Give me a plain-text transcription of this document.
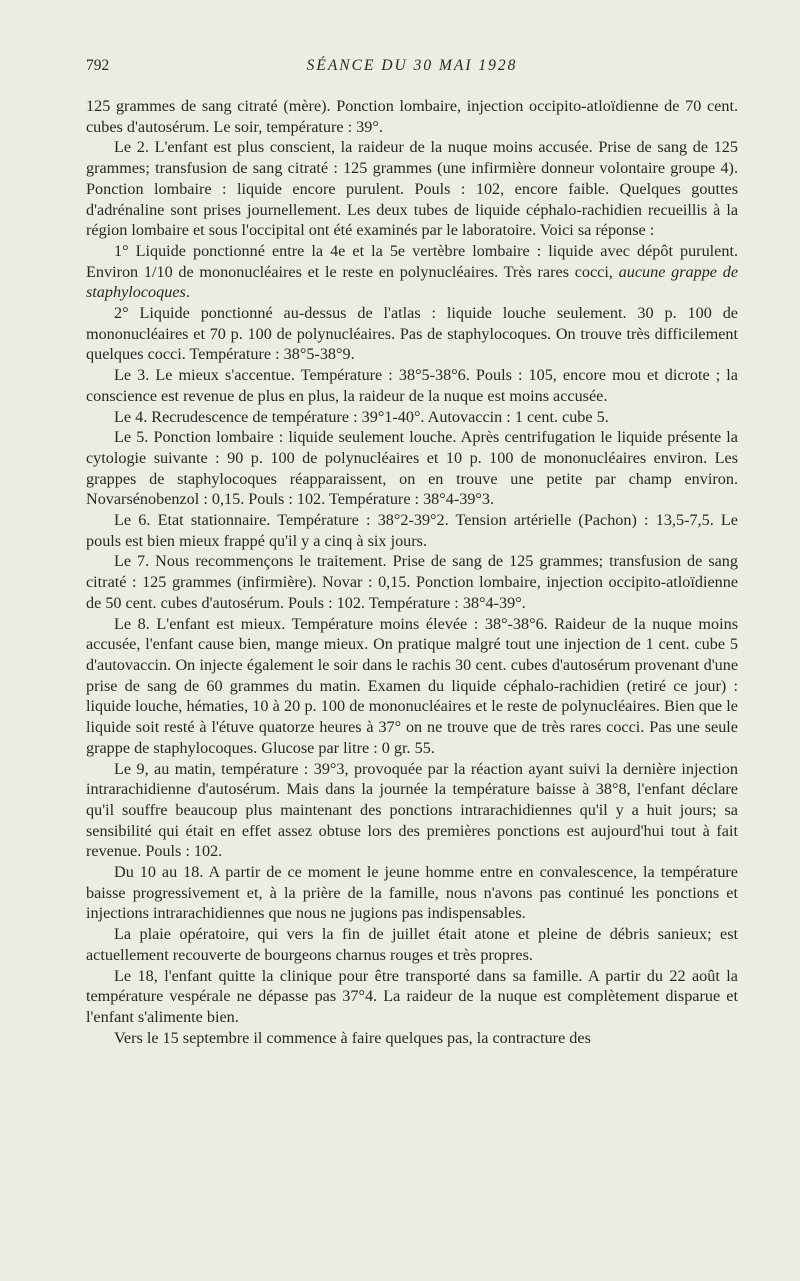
792	SÉANCE DU 30 MAI 1928

125 grammes de sang citraté (mère). Ponction lombaire, injection occipito-atloïdienne de 70 cent. cubes d'autosérum. Le soir, température : 39°.

Le 2. L'enfant est plus conscient, la raideur de la nuque moins accusée. Prise de sang de 125 grammes; transfusion de sang citraté : 125 grammes (une infirmière donneur volontaire groupe 4). Ponction lombaire : liquide encore purulent. Pouls : 102, encore faible. Quelques gouttes d'adrénaline sont prises journellement. Les deux tubes de liquide céphalo-rachidien recueillis à la région lombaire et sous l'occipital ont été examinés par le laboratoire. Voici sa réponse :

1° Liquide ponctionné entre la 4e et la 5e vertèbre lombaire : liquide avec dépôt purulent. Environ 1/10 de mononucléaires et le reste en polynucléaires. Très rares cocci, aucune grappe de staphylocoques.

2° Liquide ponctionné au-dessus de l'atlas : liquide louche seulement. 30 p. 100 de mononucléaires et 70 p. 100 de polynucléaires. Pas de staphylocoques. On trouve très difficilement quelques cocci. Température : 38°5-38°9.

Le 3. Le mieux s'accentue. Température : 38°5-38°6. Pouls : 105, encore mou et dicrote ; la conscience est revenue de plus en plus, la raideur de la nuque est moins accusée.

Le 4. Recrudescence de température : 39°1-40°. Autovaccin : 1 cent. cube 5.

Le 5. Ponction lombaire : liquide seulement louche. Après centrifugation le liquide présente la cytologie suivante : 90 p. 100 de polynucléaires et 10 p. 100 de mononucléaires environ. Les grappes de staphylocoques réapparaissent, on en trouve une petite par champ environ. Novarsénobenzol : 0,15. Pouls : 102. Température : 38°4-39°3.

Le 6. Etat stationnaire. Température : 38°2-39°2. Tension artérielle (Pachon) : 13,5-7,5. Le pouls est bien mieux frappé qu'il y a cinq à six jours.

Le 7. Nous recommençons le traitement. Prise de sang de 125 grammes; transfusion de sang citraté : 125 grammes (infirmière). Novar : 0,15. Ponction lombaire, injection occipito-atloïdienne de 50 cent. cubes d'autosérum. Pouls : 102. Température : 38°4-39°.

Le 8. L'enfant est mieux. Température moins élevée : 38°-38°6. Raideur de la nuque moins accusée, l'enfant cause bien, mange mieux. On pratique malgré tout une injection de 1 cent. cube 5 d'autovaccin. On injecte également le soir dans le rachis 30 cent. cubes d'autosérum provenant d'une prise de sang de 60 grammes du matin. Examen du liquide céphalo-rachidien (retiré ce jour) : liquide louche, hématies, 10 à 20 p. 100 de mononucléaires et le reste de polynucléaires. Bien que le liquide soit resté à l'étuve quatorze heures à 37° on ne trouve que de très rares cocci. Pas une seule grappe de staphylocoques. Glucose par litre : 0 gr. 55.

Le 9, au matin, température : 39°3, provoquée par la réaction ayant suivi la dernière injection intrarachidienne d'autosérum. Mais dans la journée la température baisse à 38°8, l'enfant déclare qu'il souffre beaucoup plus maintenant des ponctions intrarachidiennes qu'il y a huit jours; sa sensibilité qui était en effet assez obtuse lors des premières ponctions est aujourd'hui tout à fait revenue. Pouls : 102.

Du 10 au 18. A partir de ce moment le jeune homme entre en convalescence, la température baisse progressivement et, à la prière de la famille, nous n'avons pas continué les ponctions et injections intrarachidiennes que nous ne jugions pas indispensables.

La plaie opératoire, qui vers la fin de juillet était atone et pleine de débris sanieux; est actuellement recouverte de bourgeons charnus rouges et très propres.

Le 18, l'enfant quitte la clinique pour être transporté dans sa famille. A partir du 22 août la température vespérale ne dépasse pas 37°4. La raideur de la nuque est complètement disparue et l'enfant s'alimente bien.

Vers le 15 septembre il commence à faire quelques pas, la contracture des
